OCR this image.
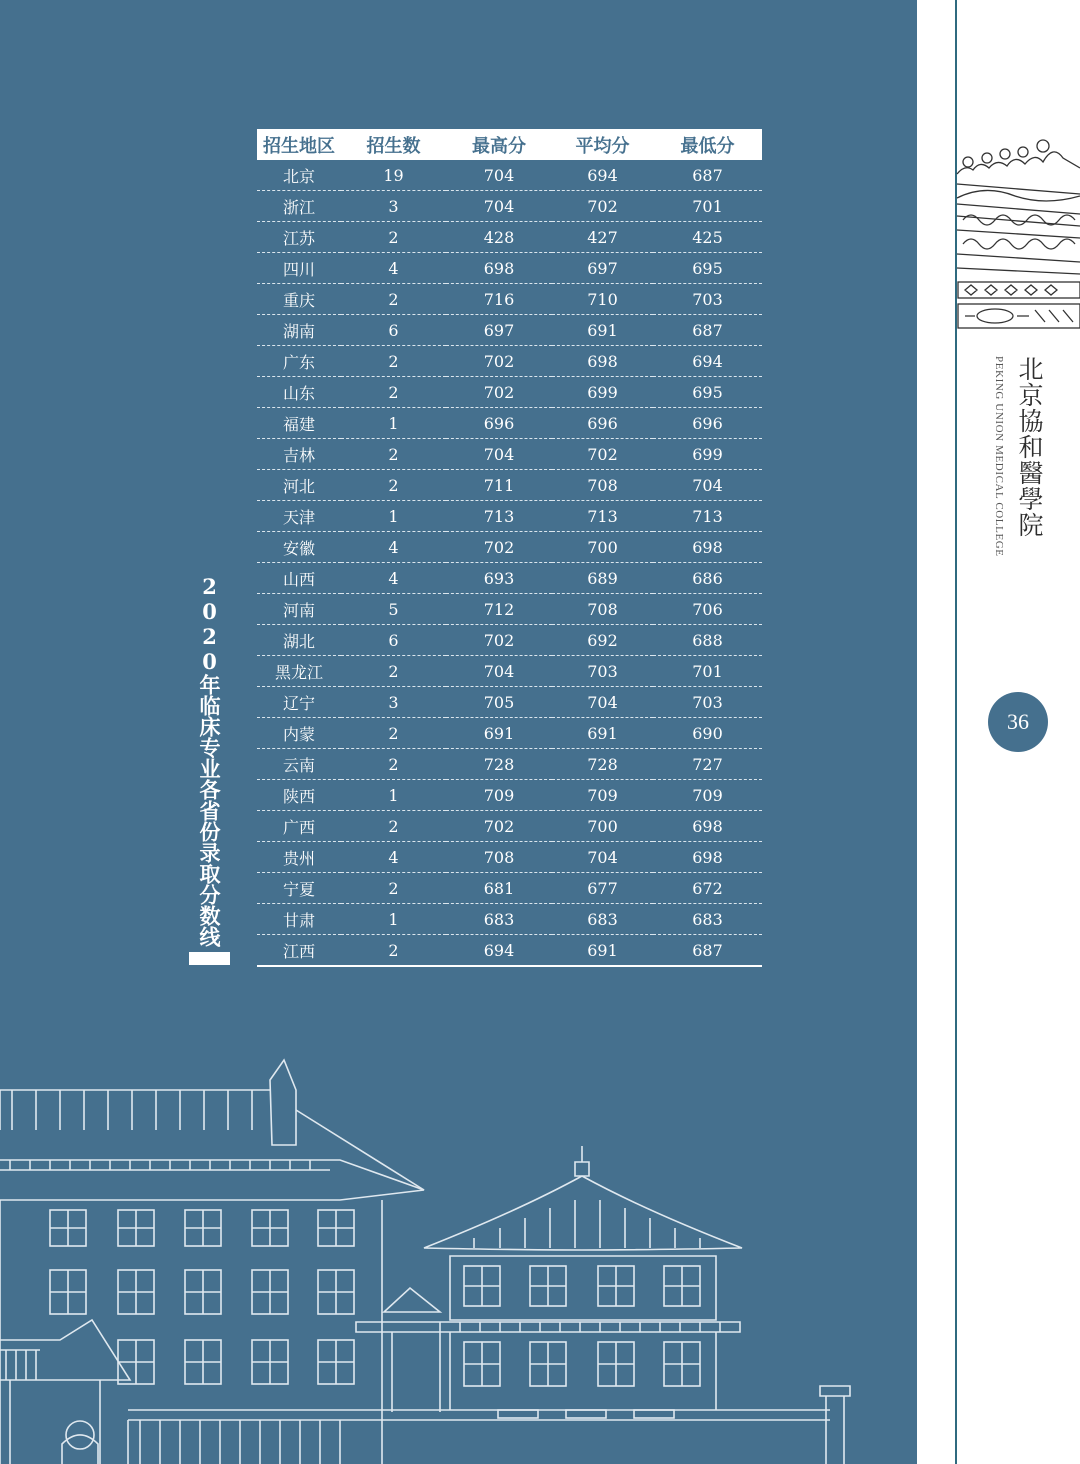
招生地区	招生数	最高分	平均分	最低分
北京	19	704	694	687
浙江	3	704	702	701
江苏	2	428	427	425
四川	4	698	697	695
重庆	2	716	710	703
湖南	6	697	691	687
广东	2	702	698	694
山东	2	702	699	695
福建	1	696	696	696
吉林	2	704	702	699
河北	2	711	708	704
天津	1	713	713	713
安徽	4	702	700	698
山西	4	693	689	686
河南	5	712	708	706
湖北	6	702	692	688
黑龙江	2	704	703	701
辽宁	3	705	704	703
内蒙	2	691	691	690
云南	2	728	728	727
陕西	1	709	709	709
广西	2	702	700	698
贵州	4	708	704	698
宁夏	2	681	677	672
甘肃	1	683	683	683
江西	2	694	691	687
2020年临床专业各省份录取分数线
北京協和醫學院
PEKING UNION MEDICAL COLLEGE
36
